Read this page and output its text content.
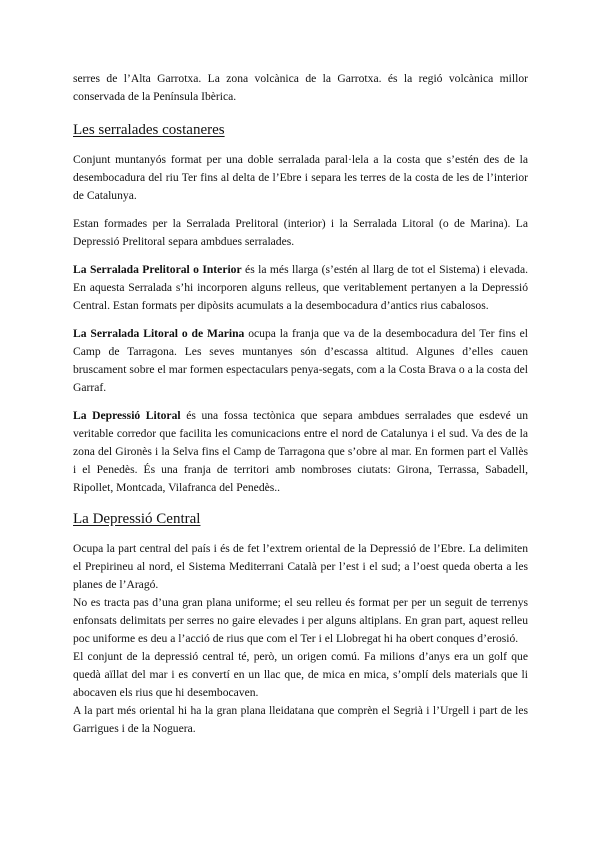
serres de l’Alta Garrotxa. La zona volcànica de la Garrotxa. és la regió volcànica millor conservada de la Península Ibèrica.

Les serralades costaneres

Conjunt muntanyós format per una doble serralada paral·lela a la costa que s’estén des de la desembocadura del riu Ter fins al delta de l’Ebre i separa les terres de la costa de les de l’interior de Catalunya.

Estan formades per la Serralada Prelitoral (interior) i la Serralada Litoral (o de Marina). La Depressió Prelitoral separa ambdues serralades.

La Serralada Prelitoral o Interior és la més llarga (s’estén al llarg de tot el Sistema) i elevada. En aquesta Serralada s’hi incorporen alguns relleus, que veritablement pertanyen a la Depressió Central. Estan formats per dipòsits acumulats a la desembocadura d’antics rius cabalosos.

La Serralada Litoral o de Marina ocupa la franja que va de la desembocadura del Ter fins el Camp de Tarragona. Les seves muntanyes són d’escassa altitud. Algunes d’elles cauen bruscament sobre el mar formen espectaculars penya-segats, com a la Costa Brava o a la costa del Garraf.

La Depressió Litoral és una fossa tectònica que separa ambdues serralades que esdevé un veritable corredor que facilita les comunicacions entre el nord de Catalunya i el sud. Va des de la zona del Gironès i la Selva fins el Camp de Tarragona que s’obre al mar. En formen part el Vallès i el Penedès. És una franja de territori amb nombroses ciutats: Girona, Terrassa, Sabadell, Ripollet, Montcada, Vilafranca del Penedès..

La Depressió Central

Ocupa la part central del país i és de fet l’extrem oriental de la Depressió de l’Ebre. La delimiten el Prepirineu al nord, el Sistema Mediterrani Català per l’est i el sud; a l’oest queda oberta a les planes de l’Aragó.

No es tracta pas d’una gran plana uniforme; el seu relleu és format per per un seguit de terrenys enfonsats delimitats per serres no gaire elevades i per alguns altiplans. En gran part, aquest relleu poc uniforme es deu a l’acció de rius que com el Ter i el Llobregat hi ha obert conques d’erosió.

El conjunt de la depressió central té, però, un origen comú. Fa milions d’anys era un golf que quedà aïllat del mar i es convertí en un llac que, de mica en mica, s’omplí dels materials que li abocaven els rius que hi desembocaven.

A la part més oriental hi ha la gran plana lleidatana que comprèn el Segrià i l’Urgell i part de les Garrigues i de la Noguera.
